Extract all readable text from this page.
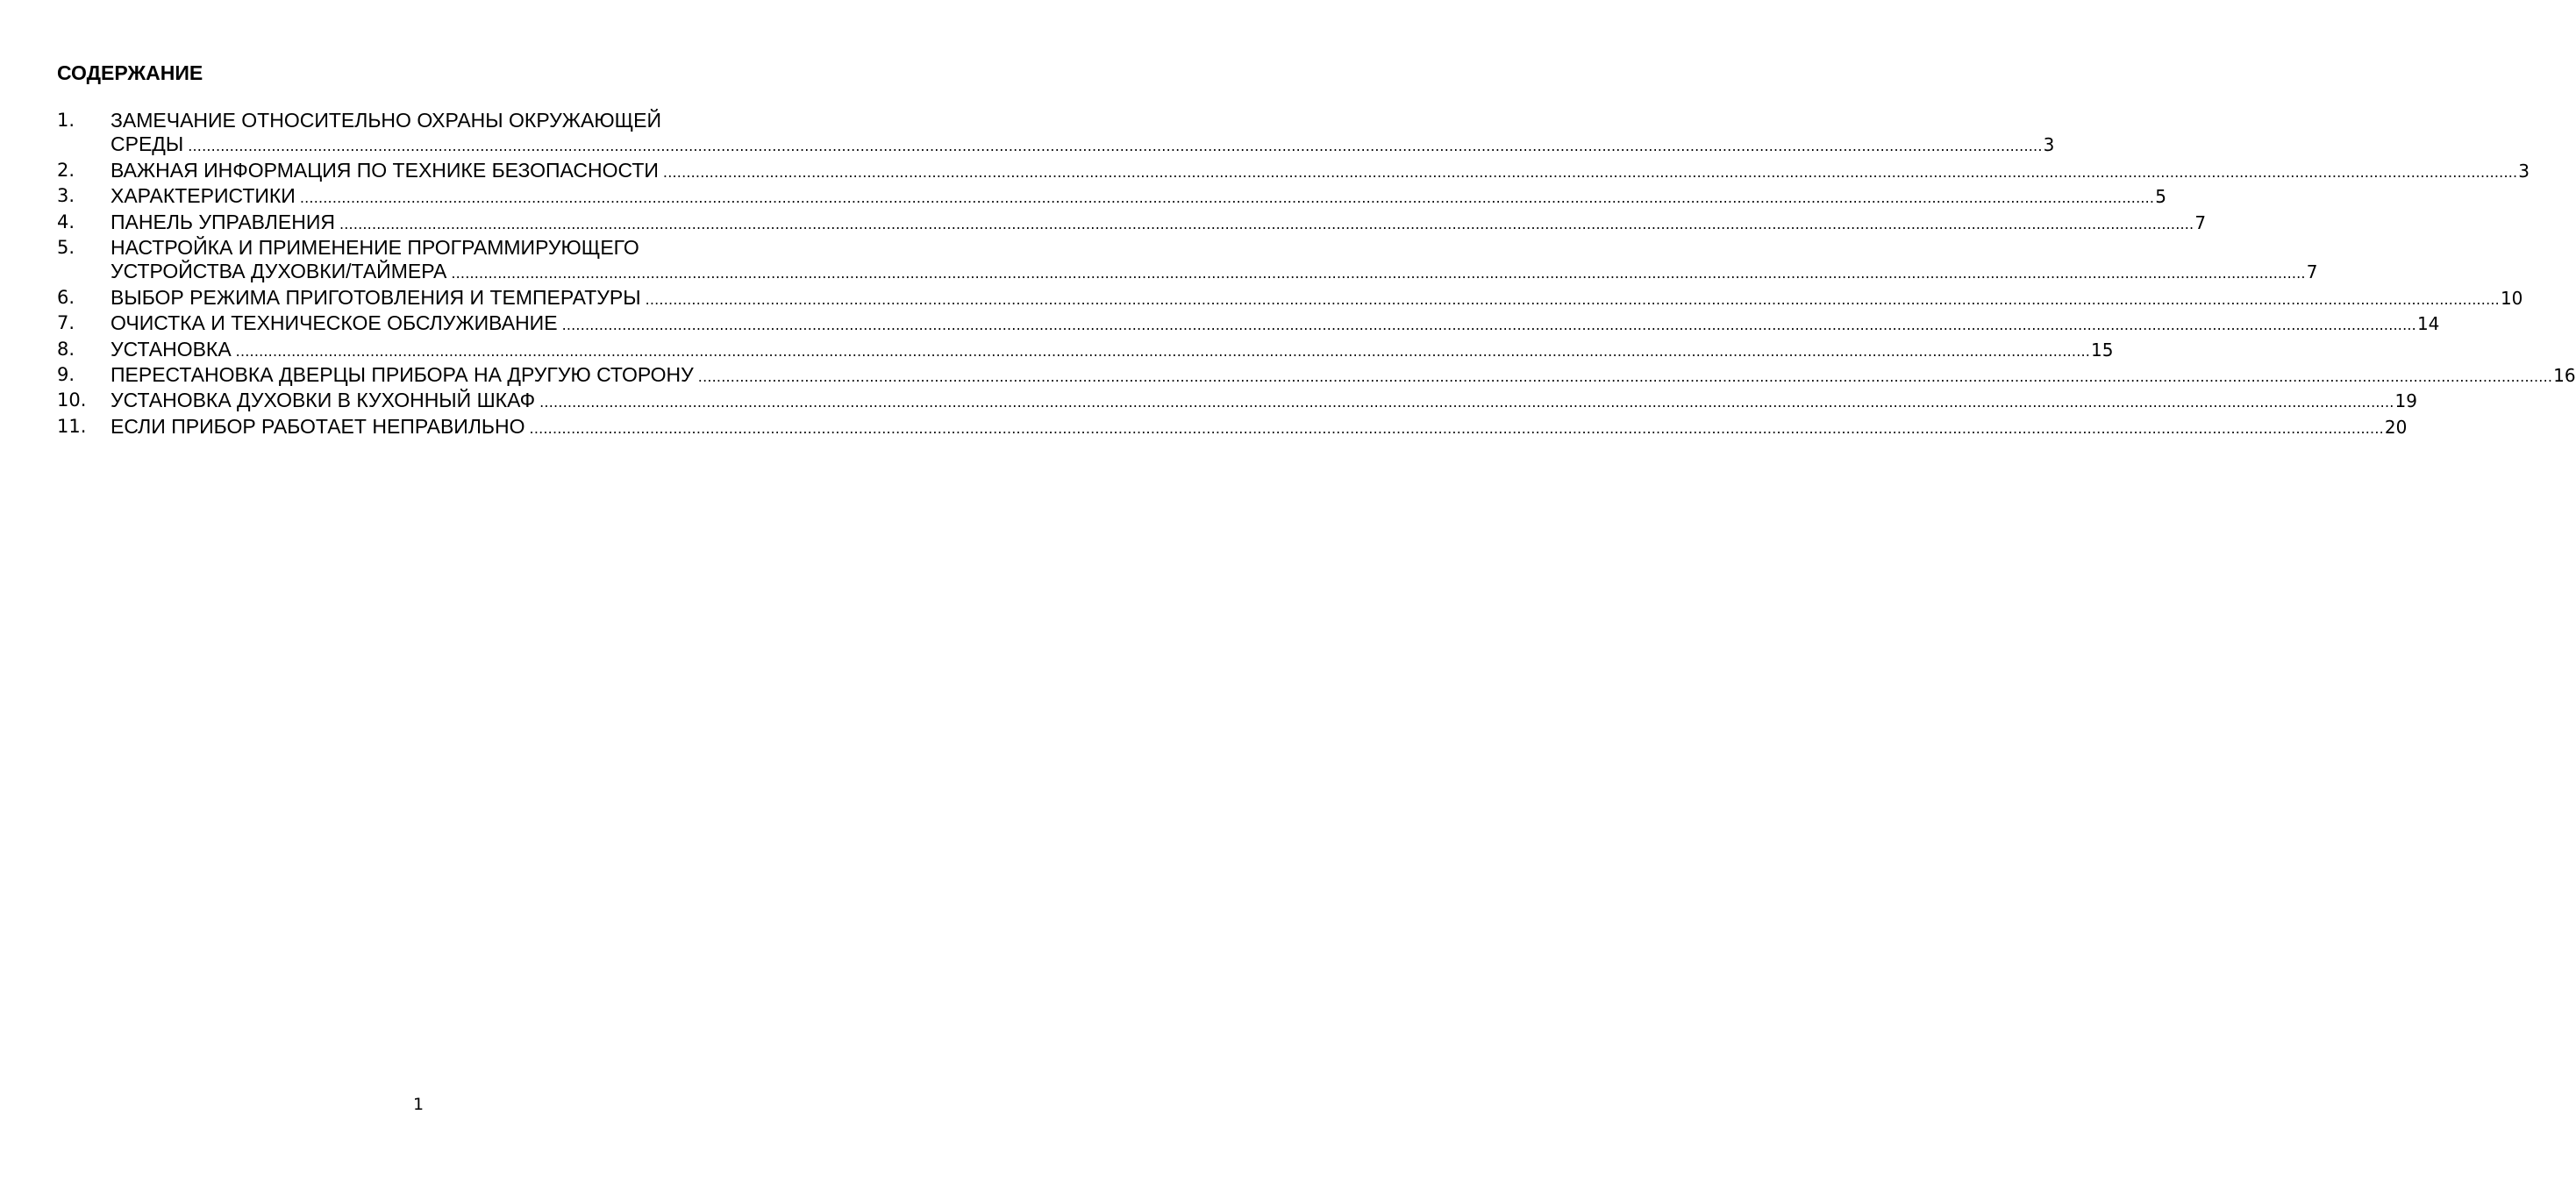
СОДЕРЖАНИЕ
1. ЗАМЕЧАНИЕ ОТНОСИТЕЛЬНО ОХРАНЫ ОКРУЖАЮЩЕЙ
СРЕДЫ ................................................................................................................................................................................................................................................................................................................................................................................................................ 3
2. ВАЖНАЯ ИНФОРМАЦИЯ ПО ТЕХНИКЕ БЕЗОПАСНОСТИ ................................................................................................................................................................................................................................................................................................................................................................................................................ 3
3. ХАРАКТЕРИСТИКИ ................................................................................................................................................................................................................................................................................................................................................................................................................ 5
4. ПАНЕЛЬ УПРАВЛЕНИЯ ................................................................................................................................................................................................................................................................................................................................................................................................................ 7
5. НАСТРОЙКА И ПРИМЕНЕНИЕ ПРОГРАММИРУЮЩЕГО
УСТРОЙСТВА ДУХОВКИ/ТАЙМЕРА ................................................................................................................................................................................................................................................................................................................................................................................................................ 7
6. ВЫБОР РЕЖИМА ПРИГОТОВЛЕНИЯ И ТЕМПЕРАТУРЫ ................................................................................................................................................................................................................................................................................................................................................................................................................ 10
7. ОЧИСТКА И ТЕХНИЧЕСКОЕ ОБСЛУЖИВАНИЕ ................................................................................................................................................................................................................................................................................................................................................................................................................ 14
8. УСТАНОВКА ................................................................................................................................................................................................................................................................................................................................................................................................................ 15
9. ПЕРЕСТАНОВКА ДВЕРЦЫ ПРИБОРА НА ДРУГУЮ СТОРОНУ ................................................................................................................................................................................................................................................................................................................................................................................................................ 16
10. УСТАНОВКА ДУХОВКИ В КУХОННЫЙ ШКАФ ................................................................................................................................................................................................................................................................................................................................................................................................................ 19
11. ЕСЛИ ПРИБОР РАБОТАЕТ НЕПРАВИЛЬНО ................................................................................................................................................................................................................................................................................................................................................................................................................ 20
1
